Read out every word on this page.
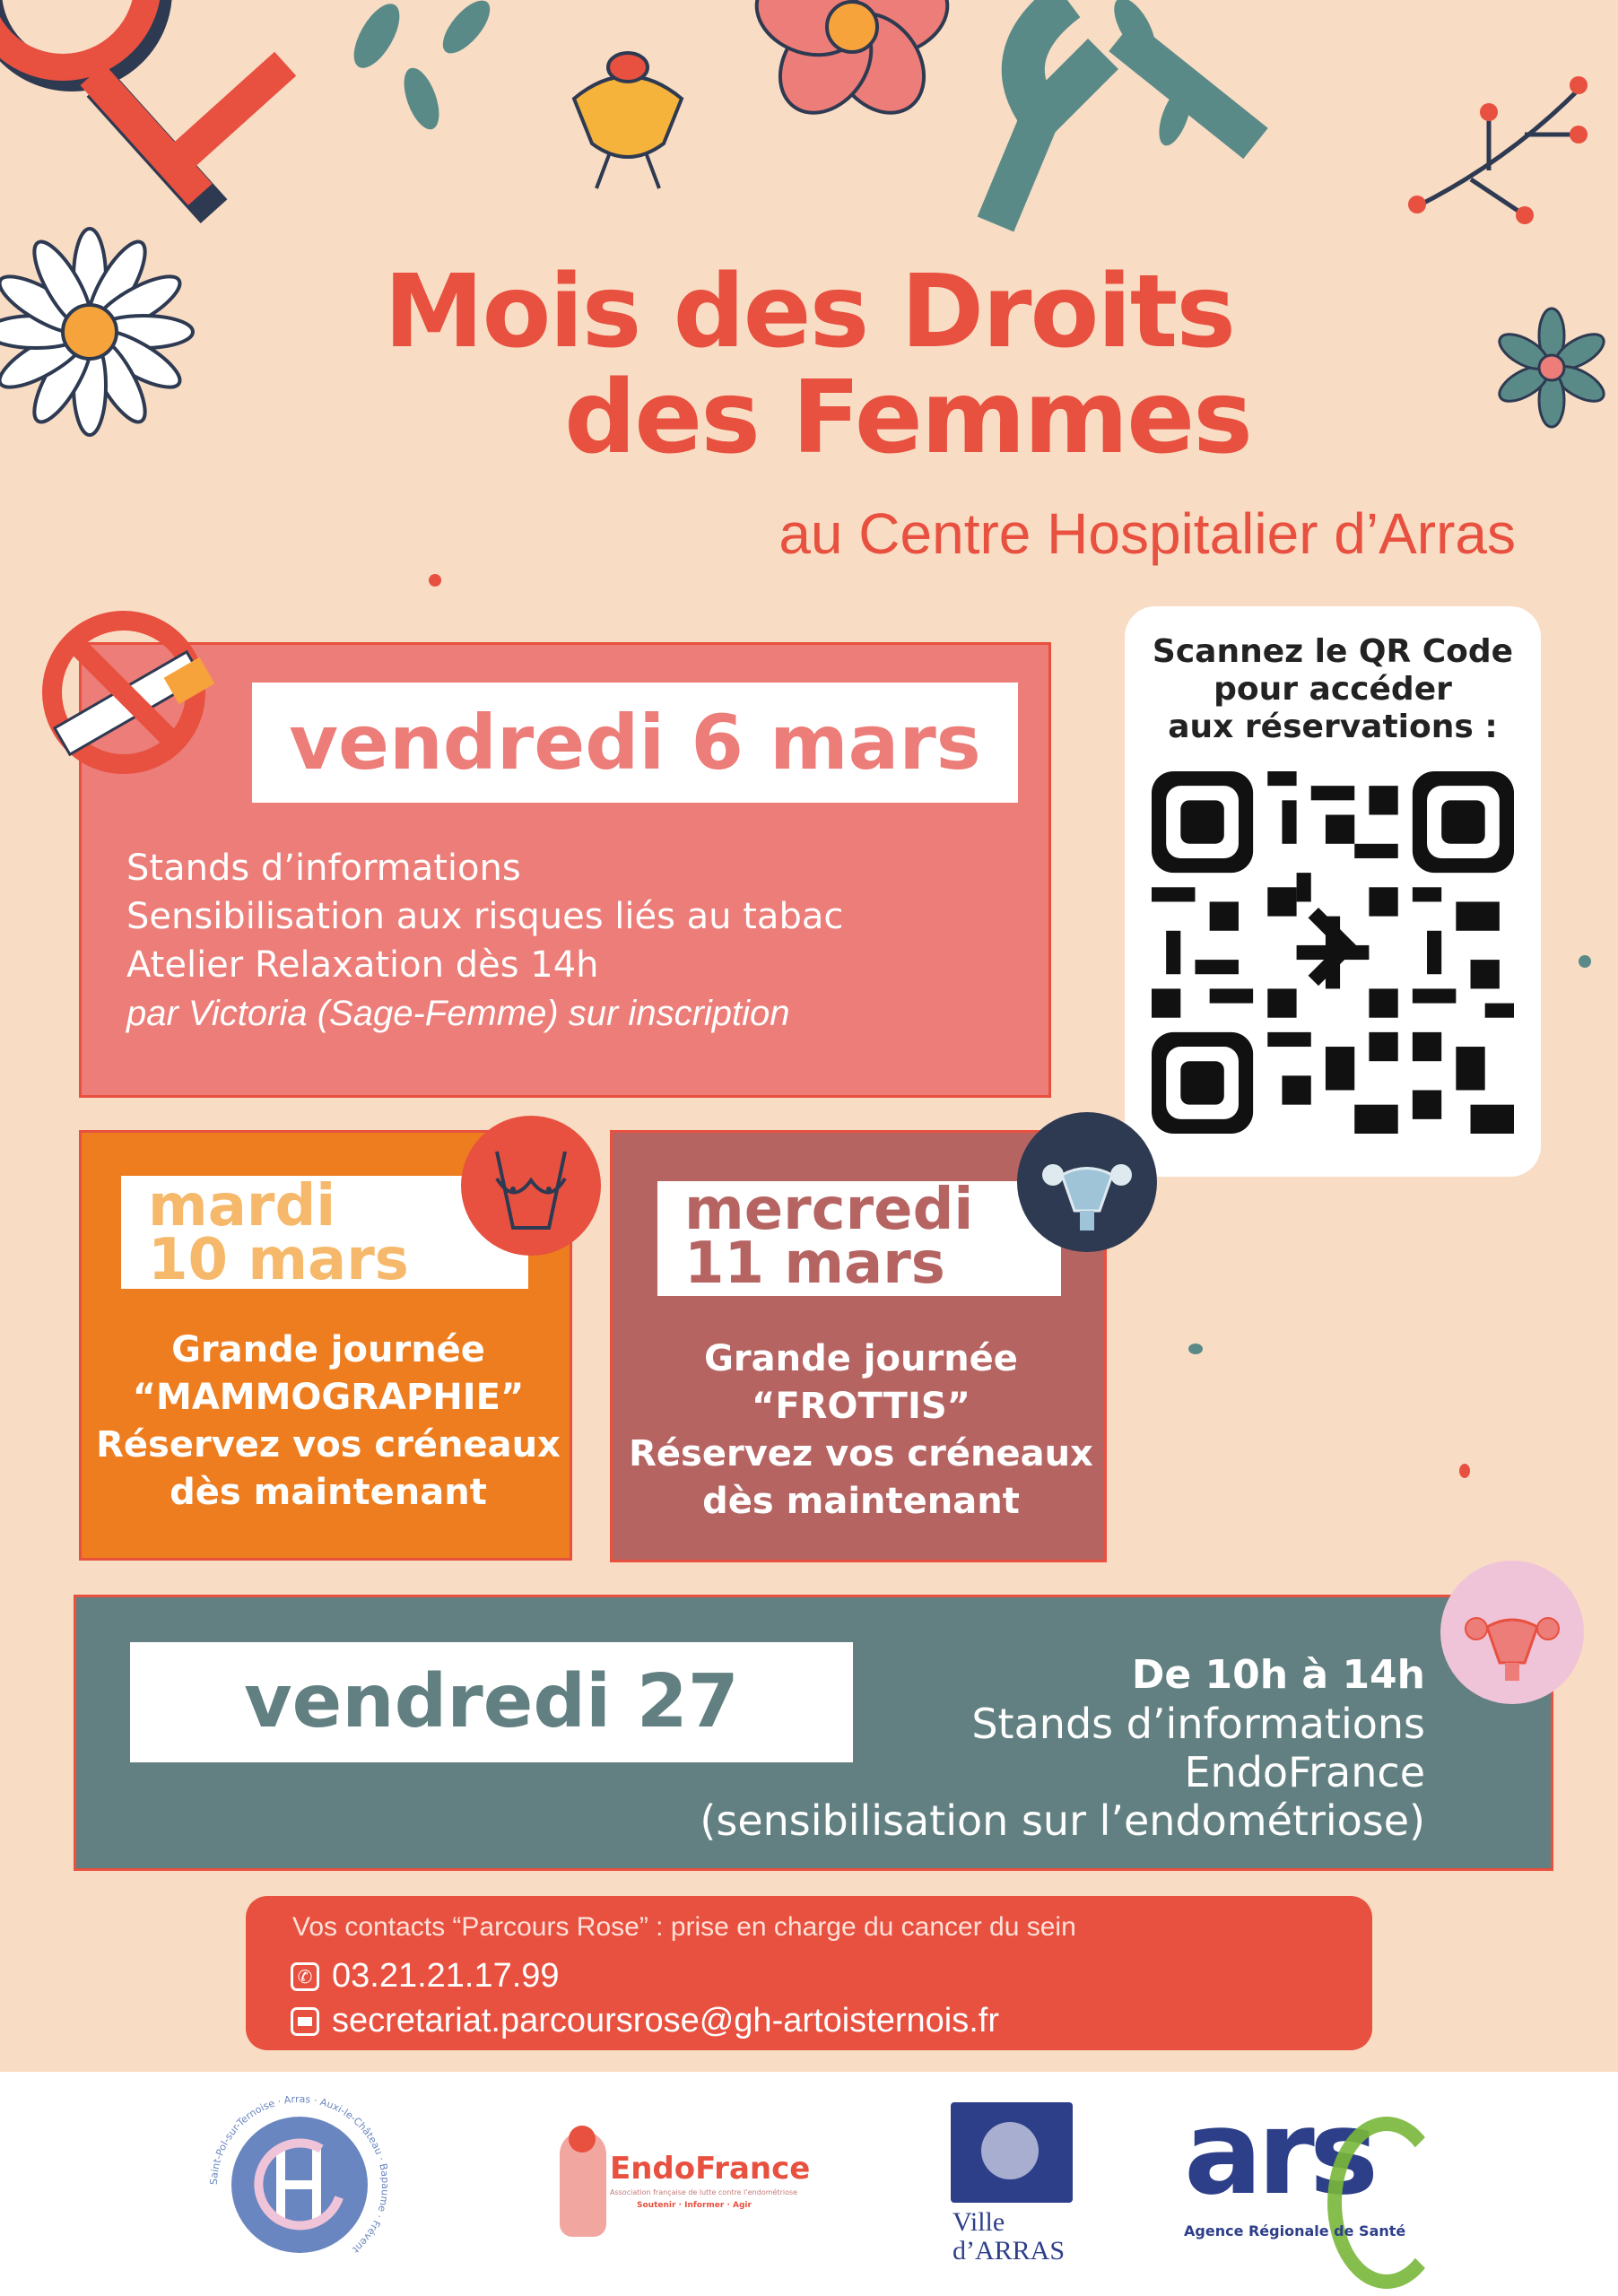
Mois des Droits
des Femmes
au Centre Hospitalier d’Arras
vendredi 6 mars
Stands d’informations
Sensibilisation aux risques liés au tabac
Atelier Relaxation dès 14h
par Victoria (Sage-Femme) sur inscription
Scannez le QR Code
pour accéder
aux réservations :
mardi
10 mars
Grande journée
“MAMMOGRAPHIE”
Réservez vos créneaux
dès maintenant
mercredi
11 mars
Grande journée
“FROTTIS”
Réservez vos créneaux
dès maintenant
vendredi 27 mars
De 10h à 14h
Stands d’informations
EndoFrance
(sensibilisation sur l’endométriose)
Vos contacts “Parcours Rose” : prise en charge du cancer du sein
✆ 03.21.21.17.99
secretariat.parcoursrose@gh-artoisternois.fr
Saint-Pol-sur-Ternoise · Arras · Auxi-le-Château · Bapaume · Frévent
EndoFrance
Association française de lutte contre l’endométriose
Soutenir · Informer · Agir
Ville
d’ARRAS
ars
Agence Régionale de Santé
